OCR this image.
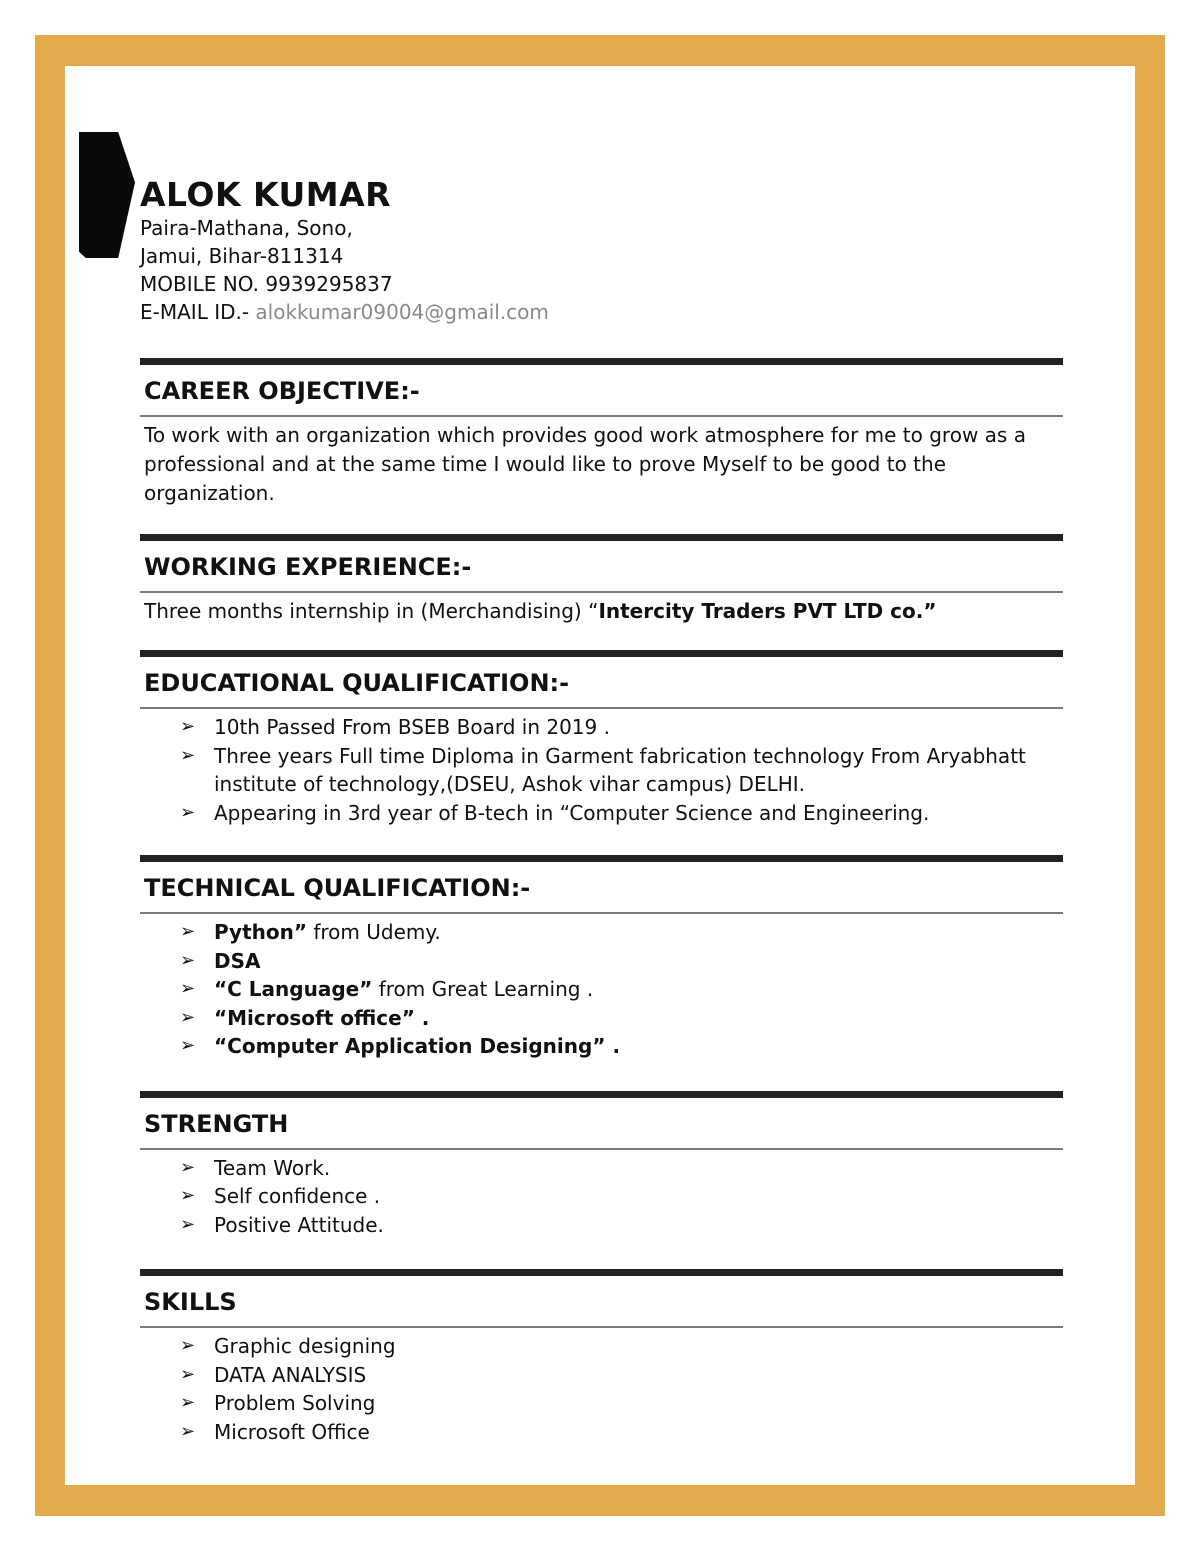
ALOK KUMAR

Paira-Mathana, Sono,

Jamui, Bihar-811314

MOBILE NO. 9939295837

E-MAIL ID.- alokkumar09004@gmail.com

CAREER OBJECTIVE:-

To work with an organization which provides good work atmosphere for me to grow as a professional and at the same time I would like to prove Myself to be good to the organization.

WORKING EXPERIENCE:-

Three months internship in (Merchandising) “Intercity Traders PVT LTD co.”

EDUCATIONAL QUALIFICATION:-
➢ 10th Passed From BSEB Board in 2019 .
➢ Three years Full time Diploma in Garment fabrication technology From Aryabhatt institute of technology,(DSEU, Ashok vihar campus) DELHI.
➢ Appearing in 3rd year of B-tech in “Computer Science and Engineering.
TECHNICAL QUALIFICATION:-
➢ Python” from Udemy.
➢ DSA
➢ “C Language” from Great Learning .
➢ “Microsoft office” .
➢ “Computer Application Designing” .
STRENGTH
➢ Team Work.
➢ Self confidence .
➢ Positive Attitude.
SKILLS
➢ Graphic designing
➢ DATA ANALYSIS
➢ Problem Solving
➢ Microsoft Office
